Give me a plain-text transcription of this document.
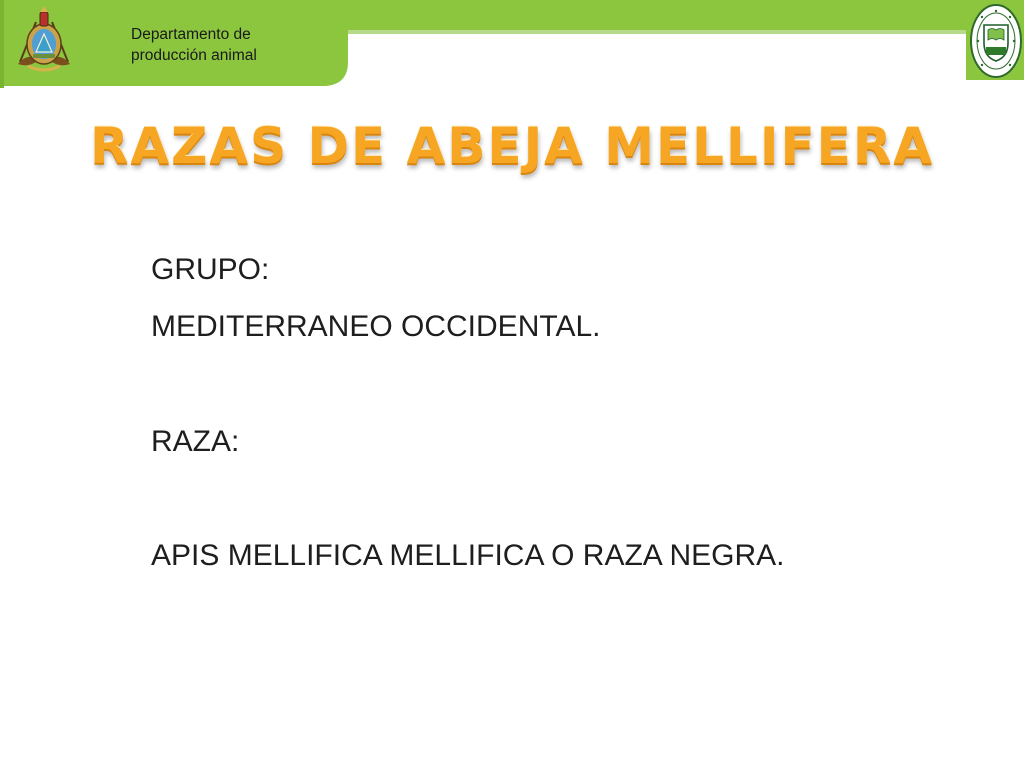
Departamento de
producción animal
RAZAS DE ABEJA MELLIFERA
GRUPO:
MEDITERRANEO OCCIDENTAL.
RAZA:
APIS MELLIFICA MELLIFICA O RAZA NEGRA.
